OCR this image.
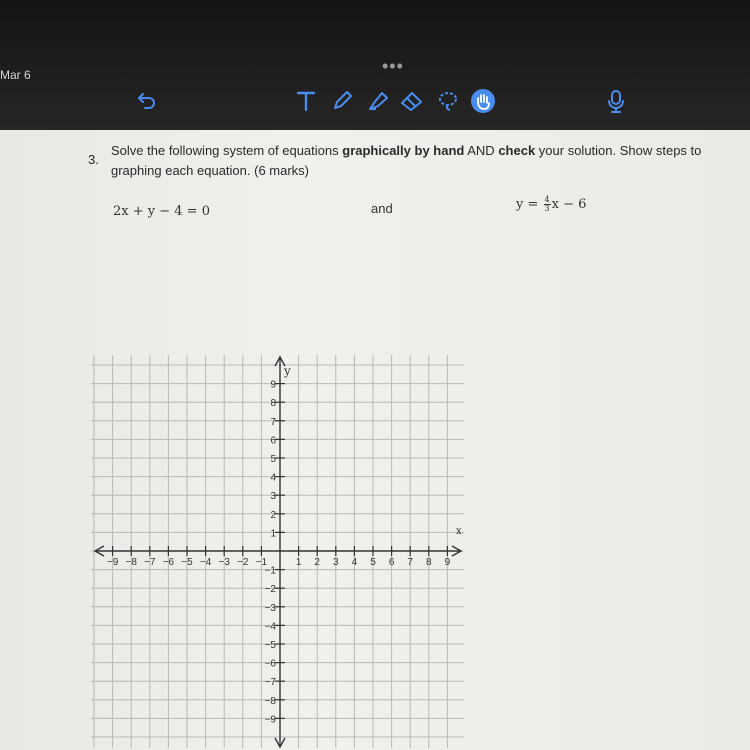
Mar 6	•••
3.
Solve the following system of equations graphically by hand AND check your solution. Show steps to graphing each equation. (6 marks)
2x + y − 4 = 0	and	$y = \frac{4}{3}$ x − 6
−9 −8 −7 −6 −5 −4 −3 −2 −1	1 2 3 4 5 6 7 8 9
9
8
7
6
5
4
3
2
1
−1
−2
−3
−4
−5
−6
−7
−8
−9
x
y
